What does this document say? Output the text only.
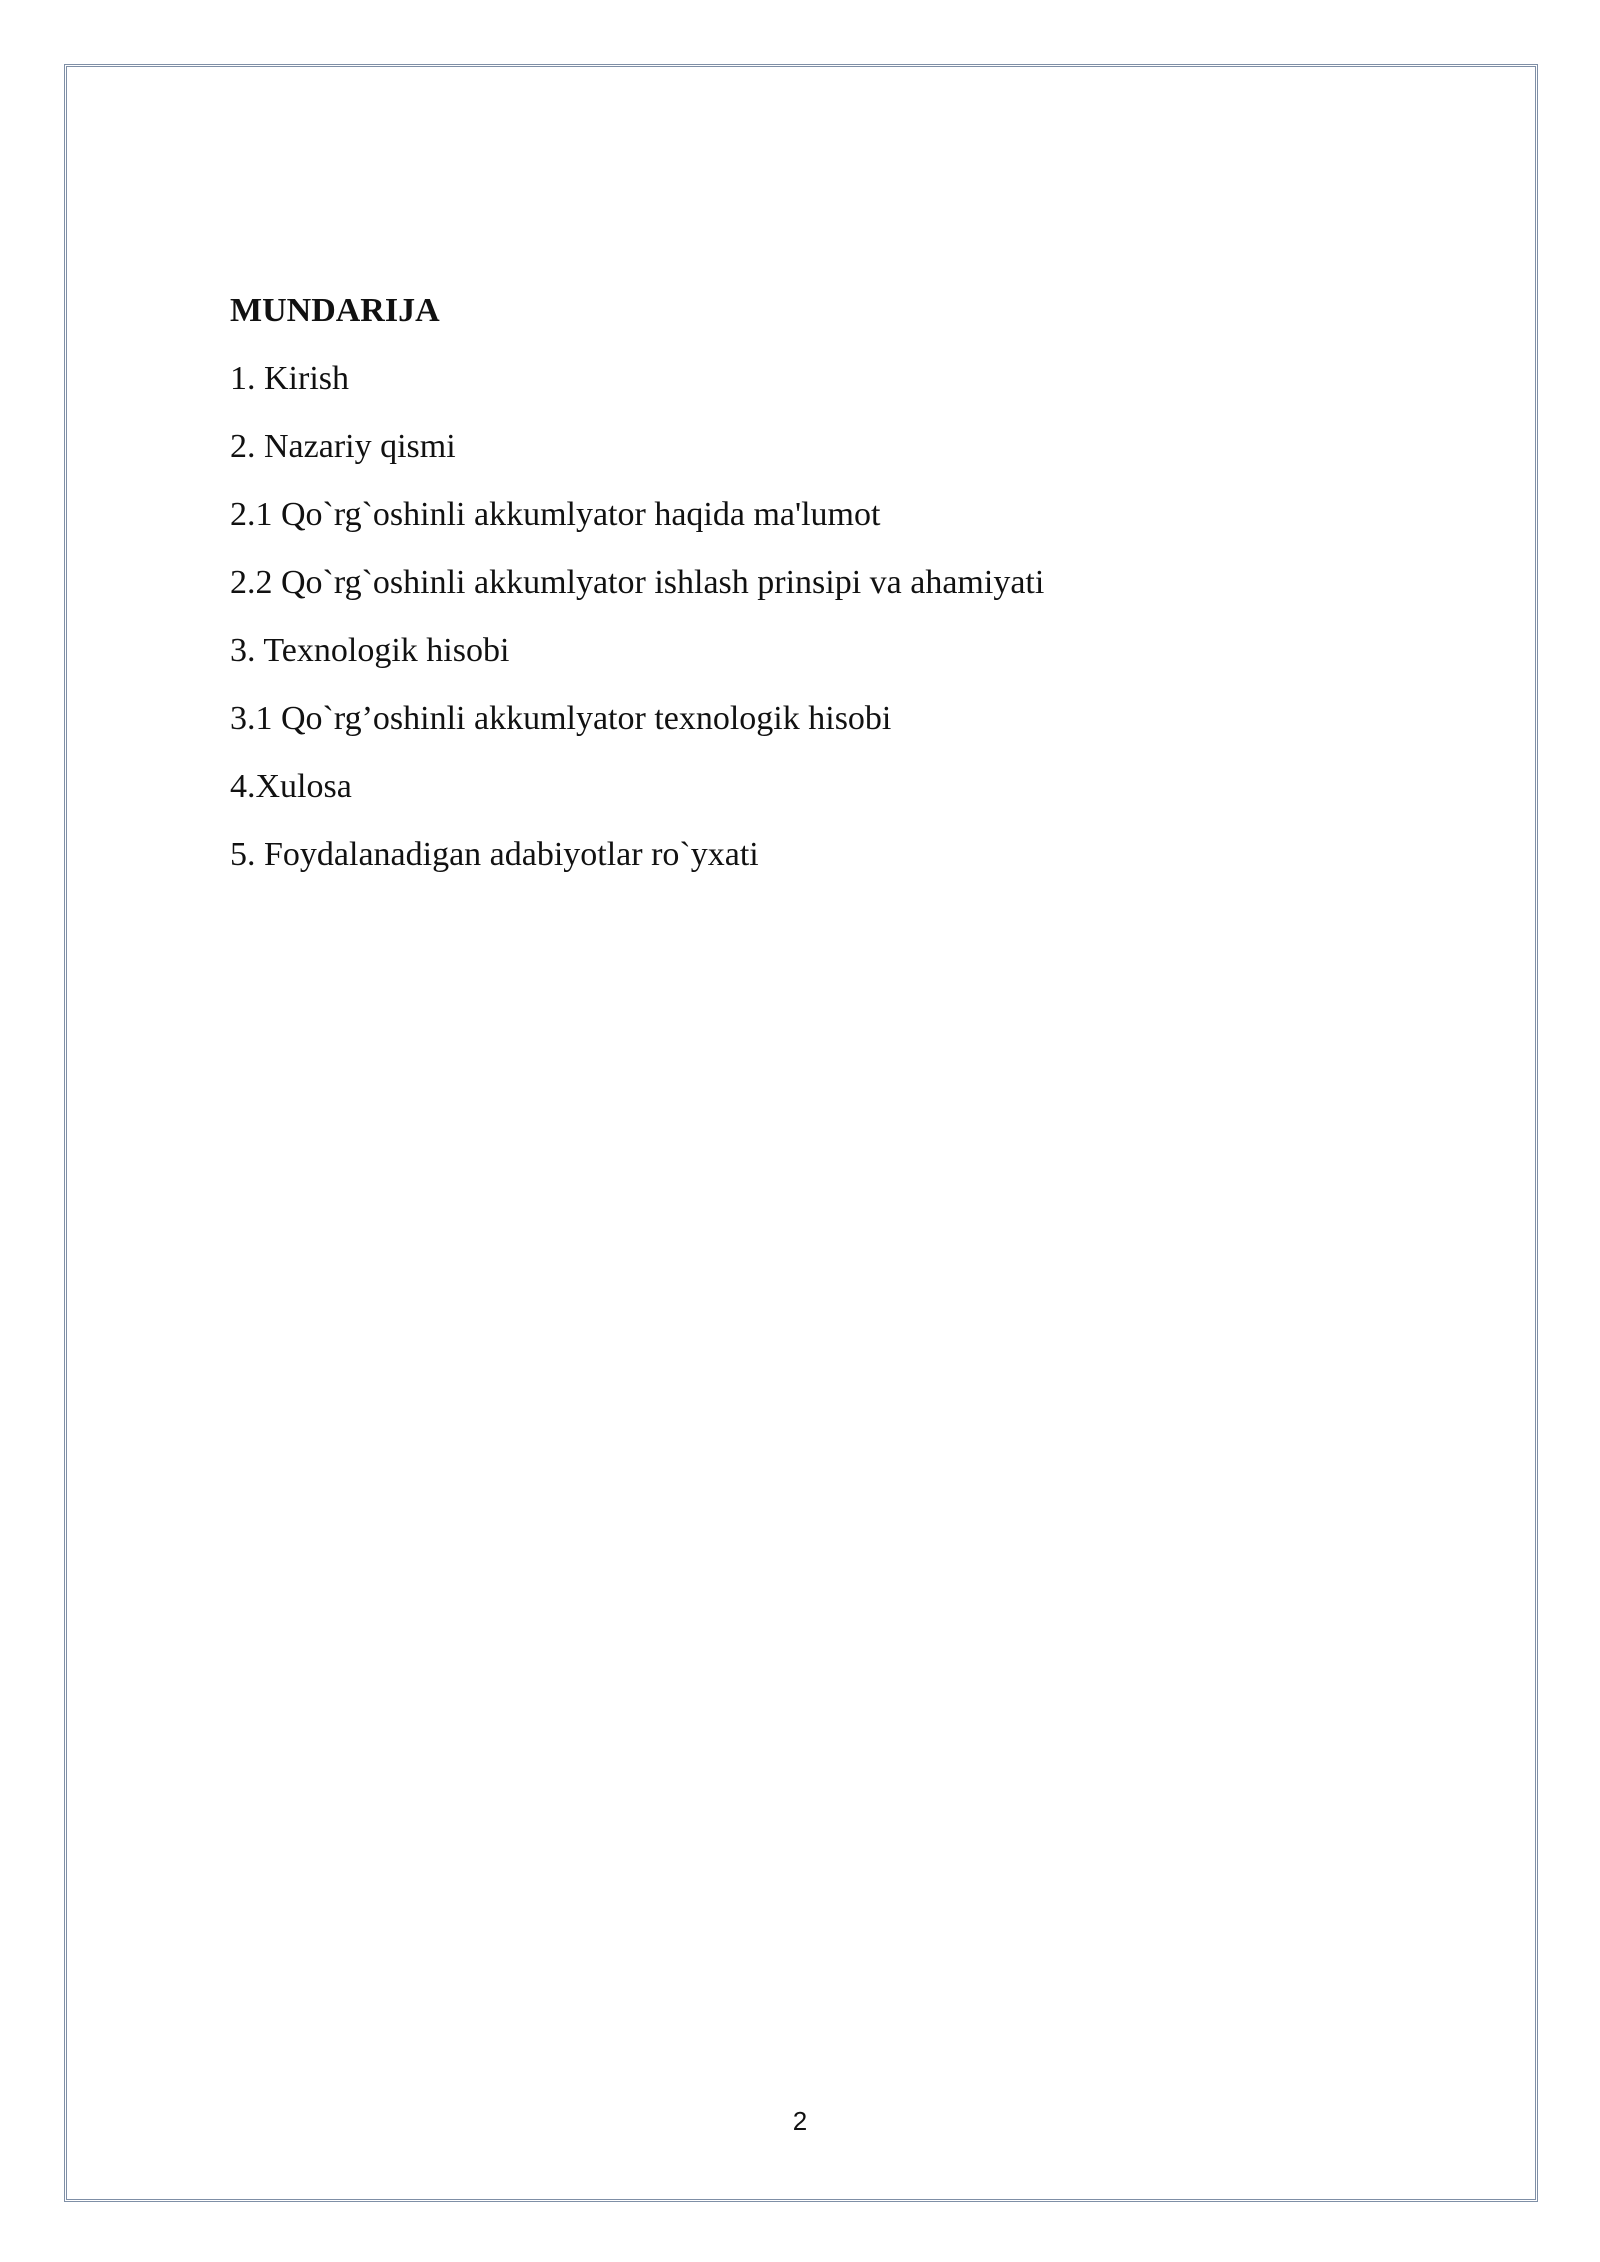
MUNDARIJA
1. Kirish
2. Nazariy qismi
2.1 Qo`rg`oshinli akkumlyator haqida ma'lumot
2.2 Qo`rg`oshinli akkumlyator ishlash prinsipi va ahamiyati
3. Texnologik hisobi
3.1 Qo`rg’oshinli akkumlyator texnologik hisobi
4.Xulosa
5. Foydalanadigan adabiyotlar ro`yxati
2
